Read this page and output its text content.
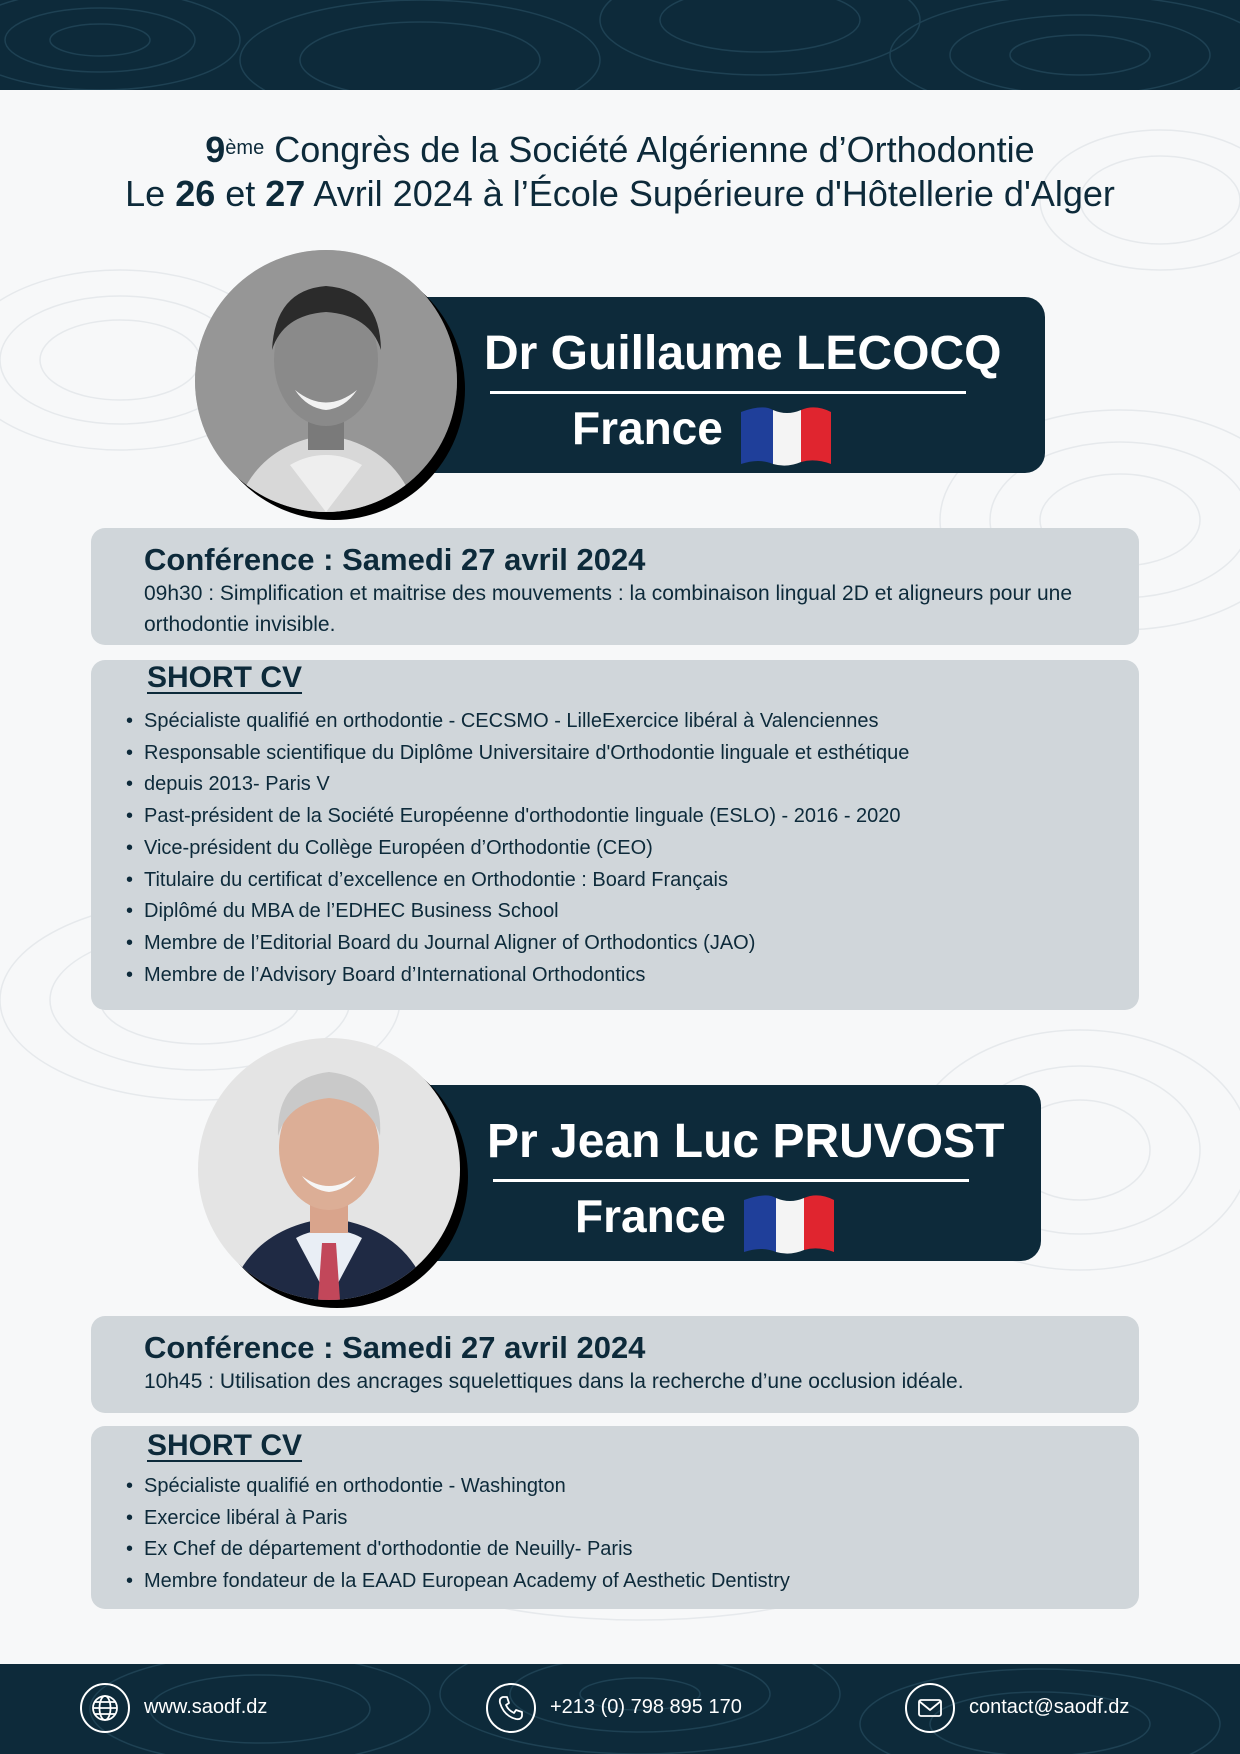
9ème Congrès de la Société Algérienne d’Orthodontie
Le 26 et 27 Avril 2024 à l’École Supérieure d'Hôtellerie d'Alger
Dr Guillaume LECOCQ
France
Conférence : Samedi 27 avril 2024
09h30 : Simplification et maitrise des mouvements : la combinaison lingual 2D et aligneurs pour une orthodontie invisible.
SHORT CV
• Spécialiste qualifié en orthodontie - CECSMO - LilleExercice libéral à Valenciennes
• Responsable scientifique du Diplôme Universitaire d'Orthodontie linguale et esthétique
• depuis 2013- Paris V
• Past-président de la Société Européenne d'orthodontie linguale (ESLO) - 2016 - 2020
• Vice-président du Collège Européen d’Orthodontie (CEO)
• Titulaire du certificat d’excellence en Orthodontie : Board Français
• Diplômé du MBA de l’EDHEC Business School
• Membre de l’Editorial Board du Journal Aligner of Orthodontics (JAO)
• Membre de l’Advisory Board d’International Orthodontics
Pr Jean Luc PRUVOST
France
Conférence : Samedi 27 avril 2024
10h45 : Utilisation des ancrages squelettiques dans la recherche d’une occlusion idéale.
SHORT CV
• Spécialiste qualifié en orthodontie - Washington
• Exercice libéral à Paris
• Ex Chef de département d'orthodontie de Neuilly- Paris
• Membre fondateur de la EAAD European Academy of Aesthetic Dentistry
www.saodf.dz	+213 (0) 798 895 170	contact@saodf.dz
